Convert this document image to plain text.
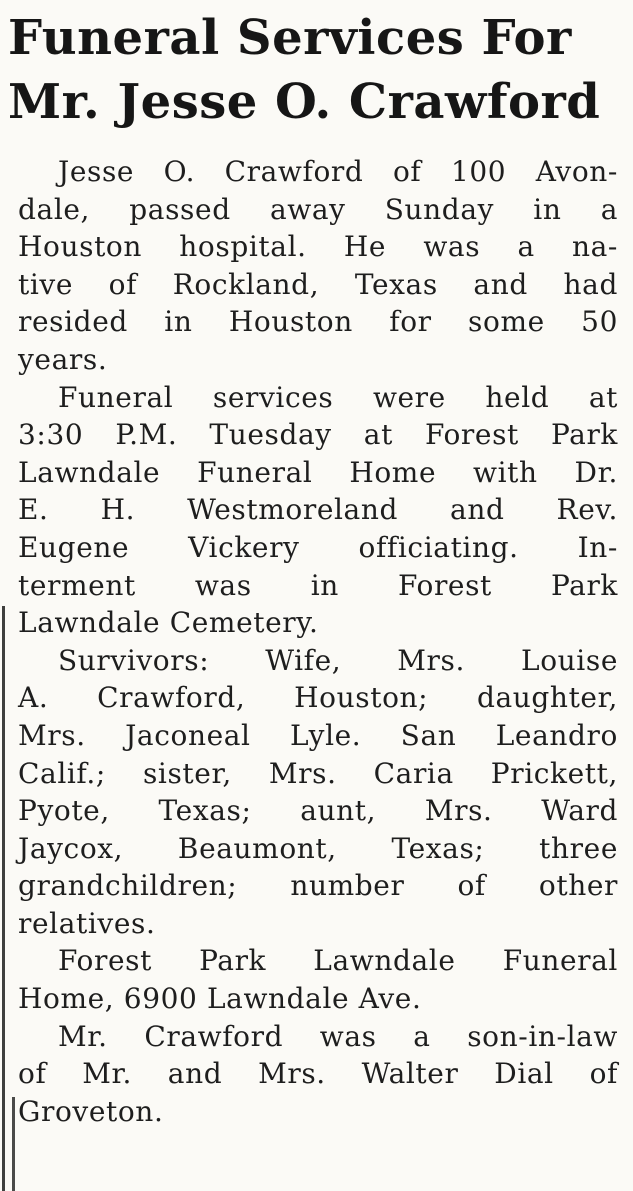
Funeral Services For
Mr. Jesse O. Crawford
Jesse O. Crawford of 100 Avon-
dale, passed away Sunday in a
Houston hospital. He was a na-
tive of Rockland, Texas and had
resided in Houston for some 50
years.
Funeral services were held at
3:30 P.M. Tuesday at Forest Park
Lawndale Funeral Home with Dr.
E. H. Westmoreland and Rev.
Eugene Vickery officiating. In-
terment was in Forest Park
Lawndale Cemetery.
Survivors: Wife, Mrs. Louise
A. Crawford, Houston; daughter,
Mrs. Jaconeal Lyle. San Leandro
Calif.; sister, Mrs. Caria Prickett,
Pyote, Texas; aunt, Mrs. Ward
Jaycox, Beaumont, Texas; three
grandchildren; number of other
relatives.
Forest Park Lawndale Funeral
Home, 6900 Lawndale Ave.
Mr. Crawford was a son-in-law
of Mr. and Mrs. Walter Dial of
Groveton.
